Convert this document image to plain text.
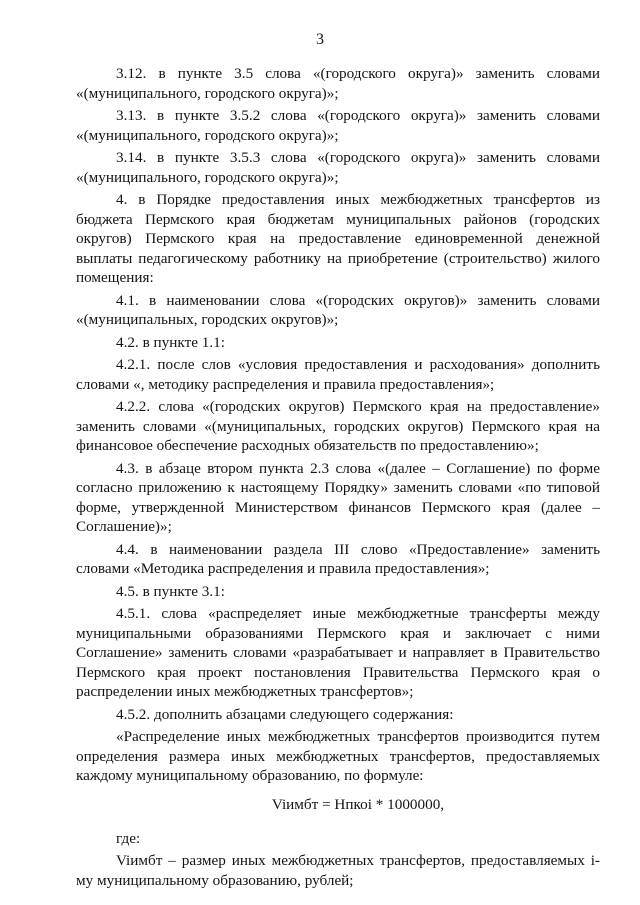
3

3.12. в пункте 3.5 слова «(городского округа)» заменить словами «(муниципального, городского округа)»;

3.13. в пункте 3.5.2 слова «(городского округа)» заменить словами «(муниципального, городского округа)»;

3.14. в пункте 3.5.3 слова «(городского округа)» заменить словами «(муниципального, городского округа)»;

4. в Порядке предоставления иных межбюджетных трансфертов из бюджета Пермского края бюджетам муниципальных районов (городских округов) Пермского края на предоставление единовременной денежной выплаты педагогическому работнику на приобретение (строительство) жилого помещения:

4.1. в наименовании слова «(городских округов)» заменить словами «(муниципальных, городских округов)»;

4.2. в пункте 1.1:

4.2.1. после слов «условия предоставления и расходования» дополнить словами «, методику распределения и правила предоставления»;

4.2.2. слова «(городских округов) Пермского края на предоставление» заменить словами «(муниципальных, городских округов) Пермского края на финансовое обеспечение расходных обязательств по предоставлению»;

4.3. в абзаце втором пункта 2.3 слова «(далее – Соглашение) по форме согласно приложению к настоящему Порядку» заменить словами «по типовой форме, утвержденной Министерством финансов Пермского края (далее – Соглашение)»;

4.4. в наименовании раздела III слово «Предоставление» заменить словами «Методика распределения и правила предоставления»;

4.5. в пункте 3.1:

4.5.1. слова «распределяет иные межбюджетные трансферты между муниципальными образованиями Пермского края и заключает с ними Соглашение» заменить словами «разрабатывает и направляет в Правительство Пермского края проект постановления Правительства Пермского края о распределении иных межбюджетных трансфертов»;

4.5.2. дополнить абзацами следующего содержания:

«Распределение иных межбюджетных трансфертов производится путем определения размера иных межбюджетных трансфертов, предоставляемых каждому муниципальному образованию, по формуле:

Viимбт = Нпкоi * 1000000,

где:

Viимбт – размер иных межбюджетных трансфертов, предоставляемых i-му муниципальному образованию, рублей;
